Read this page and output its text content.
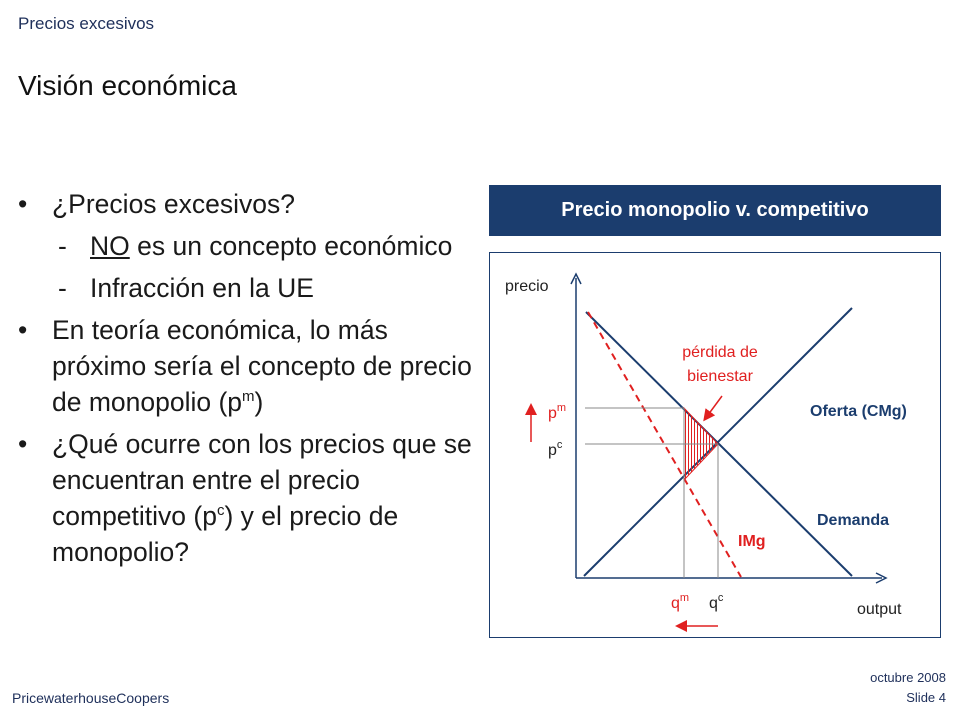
Precios excesivos
Visión económica
• ¿Precios excesivos?
- NO es un concepto económico
- Infracción en la UE
• En teoría económica, lo más próximo sería el concepto de precio de monopolio $(p^m)$
• ¿Qué ocurre con los precios que se encuentran entre el precio competitivo $(p^c)$ y el precio de monopolio?
Precio monopolio v. competitivo
precio
output
Oferta (CMg)
Demanda
IMg
pérdida de
bienestar
$p^m$
$p^c$
$q^m$ $q^c$
PricewaterhouseCoopers
octubre 2008
Slide 4
